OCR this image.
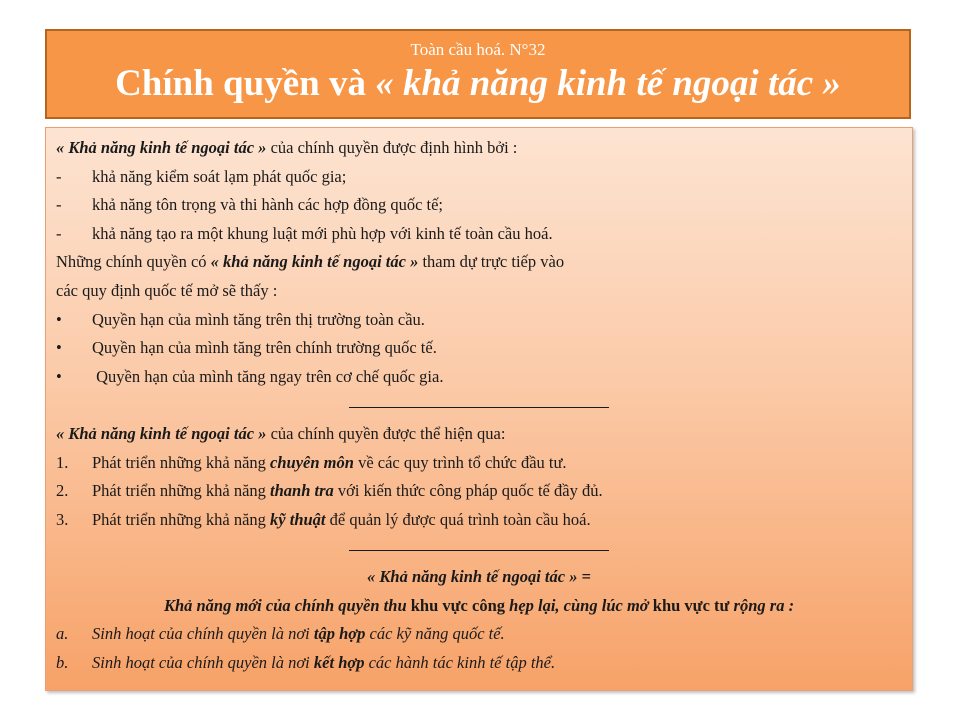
Toàn cầu hoá. N°32
Chính quyền và « khả năng kinh tế ngoại tác »
« Khả năng kinh tế ngoại tác » của chính quyền được định hình bởi :
- khả năng kiểm soát lạm phát quốc gia;
- khả năng tôn trọng và thi hành các hợp đồng quốc tế;
- khả năng tạo ra một khung luật mới phù hợp với kinh tế toàn cầu hoá.
Những chính quyền có « khả năng kinh tế ngoại tác » tham dự trực tiếp vào
các quy định quốc tế mở sẽ thấy :
• Quyền hạn của mình tăng trên thị trường toàn cầu.
• Quyền hạn của mình tăng trên chính trường quốc tế.
• Quyền hạn của mình tăng ngay trên cơ chế quốc gia.
« Khả năng kinh tế ngoại tác » của chính quyền được thể hiện qua:
1. Phát triển những khả năng chuyên môn về các quy trình tổ chức đầu tư.
2. Phát triển những khả năng thanh tra với kiến thức công pháp quốc tế đầy đủ.
3. Phát triển những khả năng kỹ thuật để quản lý được quá trình toàn cầu hoá.
« Khả năng kinh tế ngoại tác » =
Khả năng mới của chính quyền thu khu vực công hẹp lại, cùng lúc mở khu vực tư rộng ra :
a. Sinh hoạt của chính quyền là nơi tập hợp các kỹ năng quốc tế.
b. Sinh hoạt của chính quyền là nơi kết hợp các hành tác kinh tế tập thể.
